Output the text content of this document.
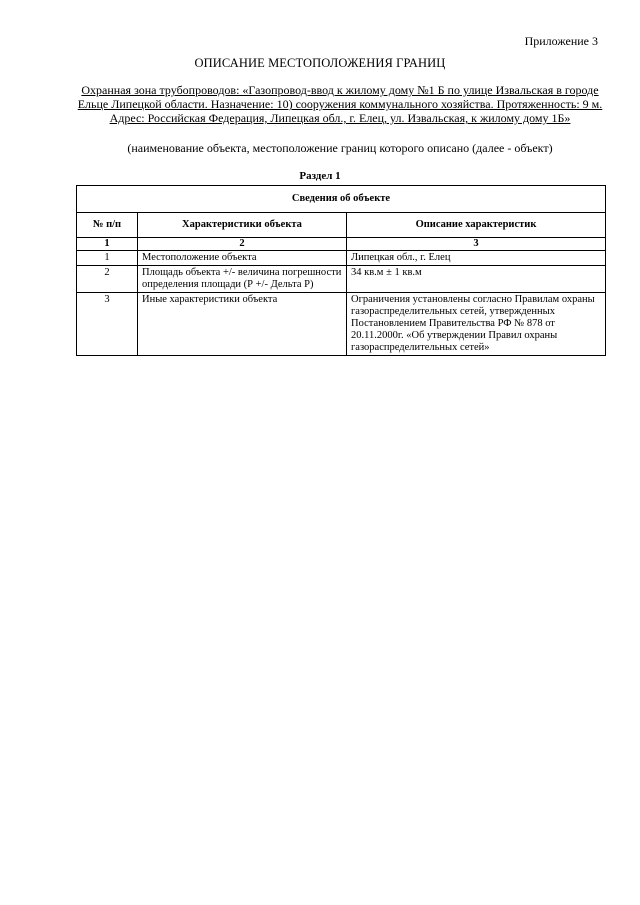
Приложение 3
ОПИСАНИЕ МЕСТОПОЛОЖЕНИЯ ГРАНИЦ
Охранная зона трубопроводов: «Газопровод-ввод к жилому дому №1 Б по улице Извальская в городе Ельце Липецкой области. Назначение: 10) сооружения коммунального хозяйства. Протяженность: 9 м. Адрес: Российская Федерация, Липецкая обл., г. Елец, ул. Извальская, к жилому дому 1Б»
(наименование объекта, местоположение границ которого описано (далее - объект)
Раздел 1
Сведения об объекте		
№ п/п	Характеристики объекта	Описание характеристик
1	2	3
1	Местоположение объекта	Липецкая обл., г. Елец
2	Площадь объекта +/- величина погрешности определения площади (Р +/- Дельта Р)	34 кв.м ± 1 кв.м
3	Иные характеристики объекта	Ограничения установлены согласно Правилам охраны газораспределительных сетей, утвержденных Постановлением Правительства РФ № 878 от 20.11.2000г. «Об утверждении Правил охраны газораспределительных сетей»
